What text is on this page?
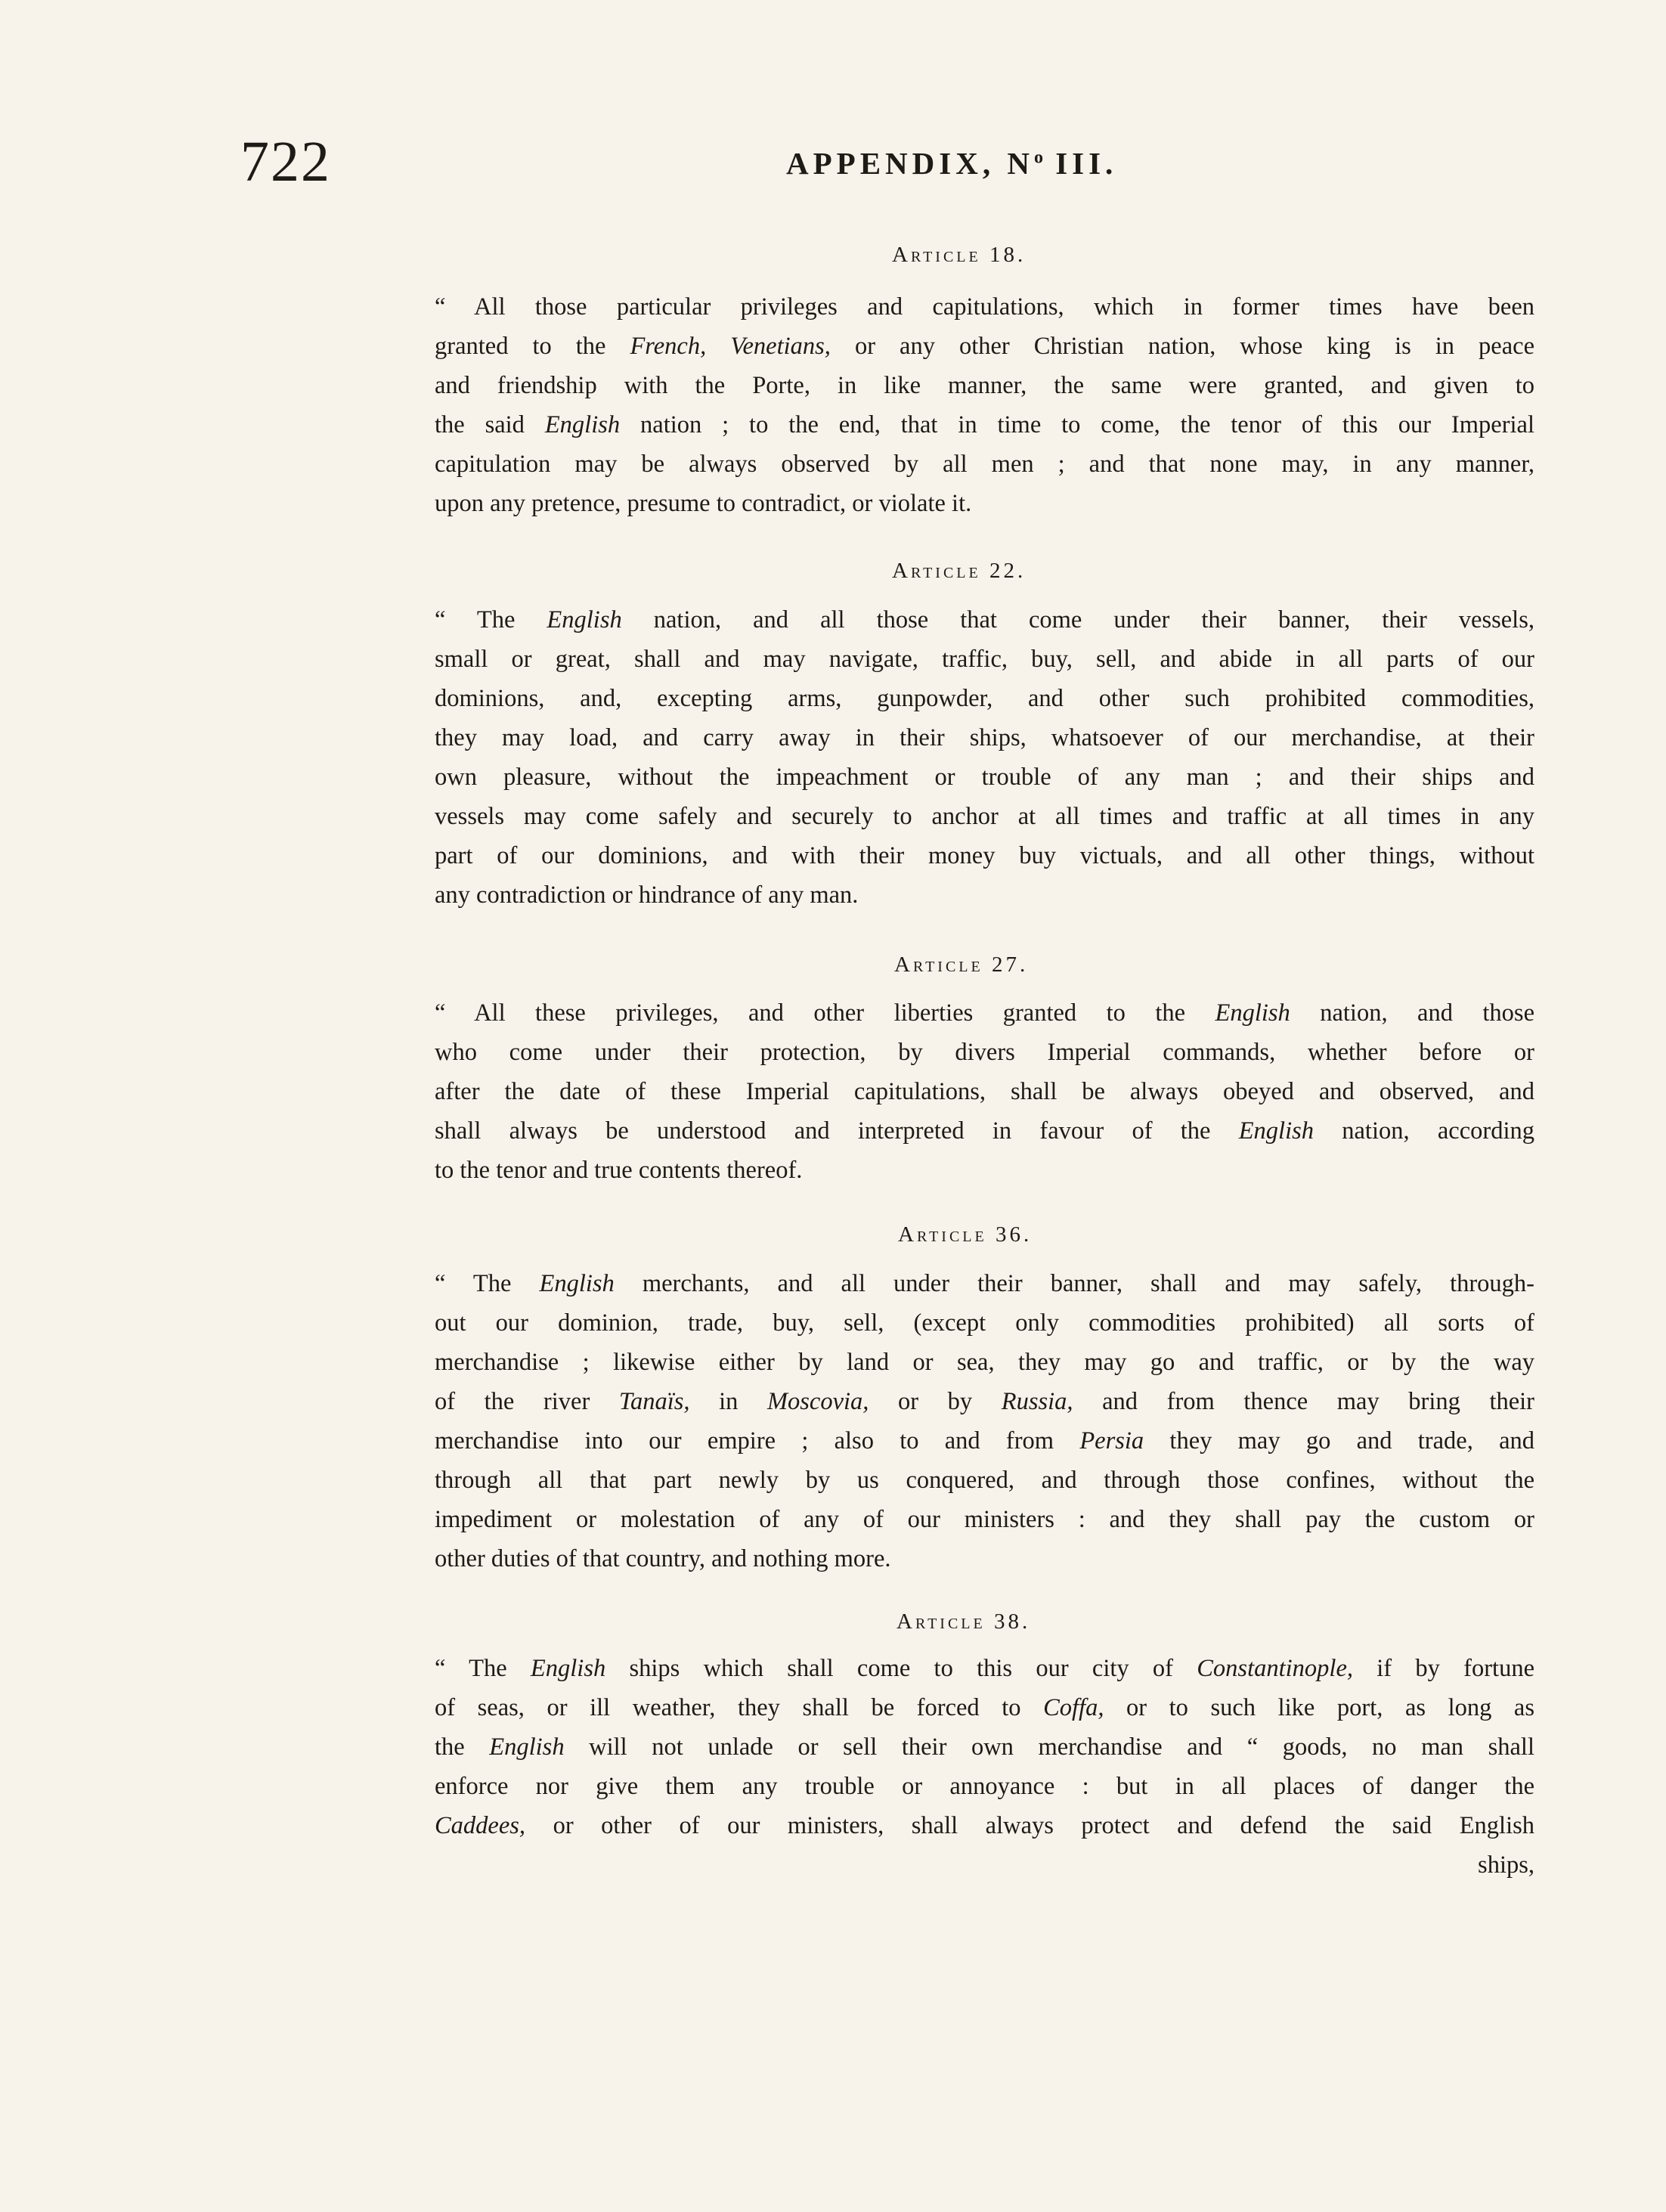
722	APPENDIX, $N^o$ III.
Article 18.
“ All those particular privileges and capitulations, which in former times have been
granted to the French, Venetians, or any other Christian nation, whose king is in peace
and friendship with the Porte, in like manner, the same were granted, and given to
the said English nation ; to the end, that in time to come, the tenor of this our Imperial
capitulation may be always observed by all men ; and that none may, in any manner,
upon any pretence, presume to contradict, or violate it.
Article 22.
“ The English nation, and all those that come under their banner, their vessels,
small or great, shall and may navigate, traffic, buy, sell, and abide in all parts of our
dominions, and, excepting arms, gunpowder, and other such prohibited commodities,
they may load, and carry away in their ships, whatsoever of our merchandise, at their
own pleasure, without the impeachment or trouble of any man ; and their ships and
vessels may come safely and securely to anchor at all times and traffic at all times in any
part of our dominions, and with their money buy victuals, and all other things, without
any contradiction or hindrance of any man.
Article 27.
“ All these privileges, and other liberties granted to the English nation, and those
who come under their protection, by divers Imperial commands, whether before or
after the date of these Imperial capitulations, shall be always obeyed and observed, and
shall always be understood and interpreted in favour of the English nation, according
to the tenor and true contents thereof.
Article 36.
“ The English merchants, and all under their banner, shall and may safely, through-
out our dominion, trade, buy, sell, (except only commodities prohibited) all sorts of
merchandise ; likewise either by land or sea, they may go and traffic, or by the way
of the river Tanaïs, in Moscovia, or by Russia, and from thence may bring their
merchandise into our empire ; also to and from Persia they may go and trade, and
through all that part newly by us conquered, and through those confines, without the
impediment or molestation of any of our ministers : and they shall pay the custom or
other duties of that country, and nothing more.
Article 38.
“ The English ships which shall come to this our city of Constantinople, if by fortune
of seas, or ill weather, they shall be forced to Coffa, or to such like port, as long as
the English will not unlade or sell their own merchandise and “ goods, no man shall
enforce nor give them any trouble or annoyance : but in all places of danger the
Caddees, or other of our ministers, shall always protect and defend the said English
ships,
